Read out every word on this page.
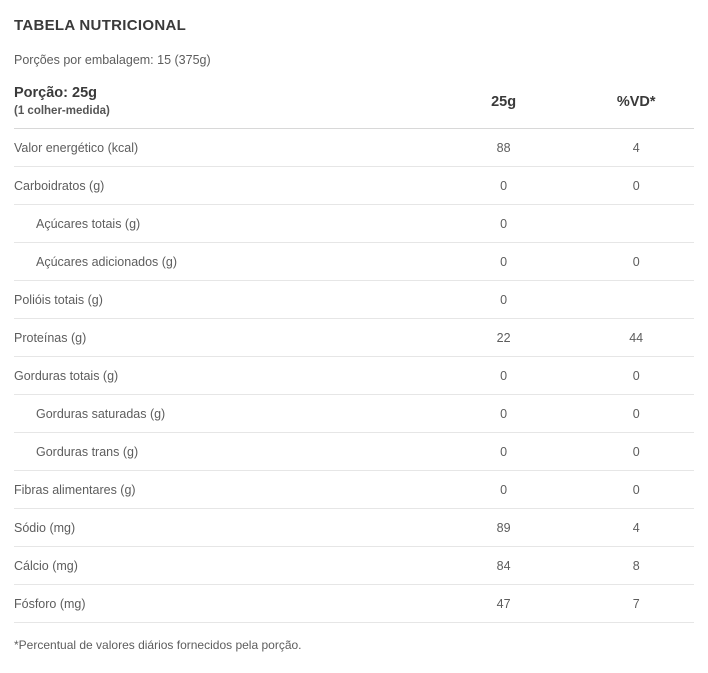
TABELA NUTRICIONAL
Porções por embalagem: 15 (375g)
Porção: 25g
(1 colher-medida)	25g	%VD*
Valor energético (kcal)	88	4
Carboidratos (g)	0	0
Açúcares totais (g)	0	
Açúcares adicionados (g)	0	0
Polióis totais (g)	0	
Proteínas (g)	22	44
Gorduras totais (g)	0	0
Gorduras saturadas (g)	0	0
Gorduras trans (g)	0	0
Fibras alimentares (g)	0	0
Sódio (mg)	89	4
Cálcio (mg)	84	8
Fósforo (mg)	47	7
*Percentual de valores diários fornecidos pela porção.
